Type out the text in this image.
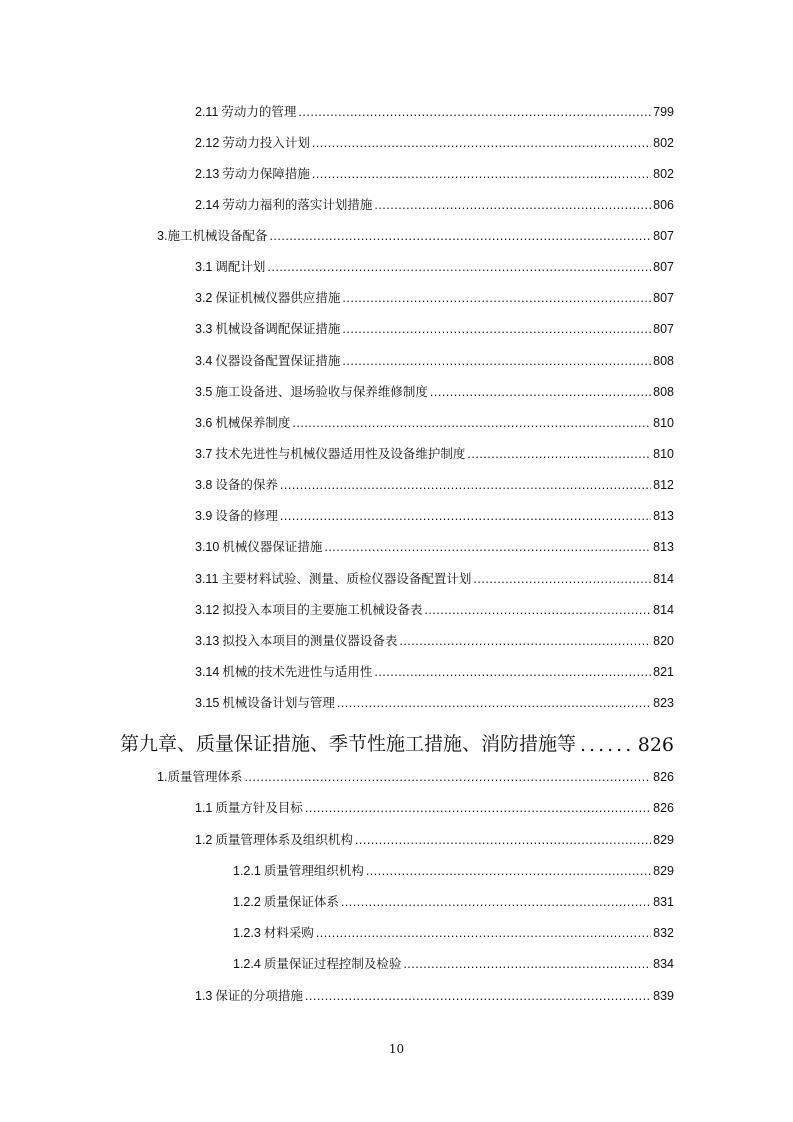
2.11 劳动力的管理 .....	799
2.12 劳动力投入计划 .....	802
2.13 劳动力保障措施 .....	802
2.14 劳动力福利的落实计划措施 .....	806
3. 施工机械设备配备 .....	807
3.1 调配计划 .....	807
3.2 保证机械仪器供应措施 .....	807
3.3 机械设备调配保证措施 .....	807
3.4 仪器设备配置保证措施 .....	808
3.5 施工设备进、退场验收与保养维修制度 .....	808
3.6 机械保养制度 .....	810
3.7 技术先进性与机械仪器适用性及设备维护制度 .....	810
3.8 设备的保养 .....	812
3.9 设备的修理 .....	813
3.10 机械仪器保证措施 .....	813
3.11 主要材料试验、测量、质检仪器设备配置计划 .....	814
3.12 拟投入本项目的主要施工机械设备表 .....	814
3.13 拟投入本项目的测量仪器设备表 .....	820
3.14 机械的技术先进性与适用性 .....	821
3.15 机械设备计划与管理 .....	823
第九章、质量保证措施、季节性施工措施、消防措施等 .....	826
1. 质量管理体系 .....	826
1.1 质量方针及目标 .....	826
1.2 质量管理体系及组织机构 .....	829
1.2.1 质量管理组织机构 .....	829
1.2.2 质量保证体系 .....	831
1.2.3 材料采购 .....	832
1.2.4 质量保证过程控制及检验 .....	834
1.3 保证的分项措施 .....	839
10
